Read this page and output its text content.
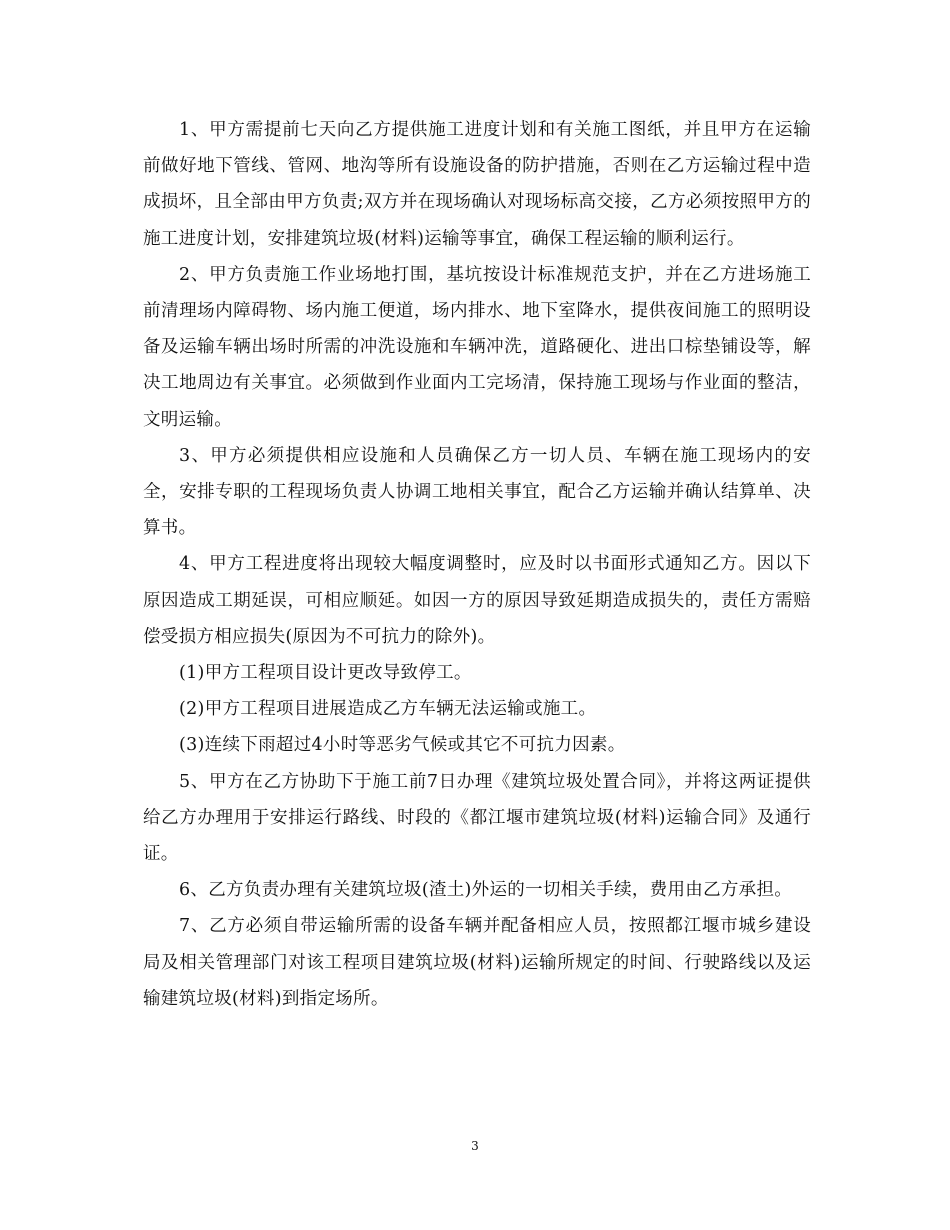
1、甲方需提前七天向乙方提供施工进度计划和有关施工图纸，并且甲方在运输前做好地下管线、管网、地沟等所有设施设备的防护措施，否则在乙方运输过程中造成损坏，且全部由甲方负责;双方并在现场确认对现场标高交接，乙方必须按照甲方的施工进度计划，安排建筑垃圾(材料)运输等事宜，确保工程运输的顺利运行。

2、甲方负责施工作业场地打围，基坑按设计标准规范支护，并在乙方进场施工前清理场内障碍物、场内施工便道，场内排水、地下室降水，提供夜间施工的照明设备及运输车辆出场时所需的冲洗设施和车辆冲洗，道路硬化、进出口棕垫铺设等，解决工地周边有关事宜。必须做到作业面内工完场清，保持施工现场与作业面的整洁，文明运输。

3、甲方必须提供相应设施和人员确保乙方一切人员、车辆在施工现场内的安全，安排专职的工程现场负责人协调工地相关事宜，配合乙方运输并确认结算单、决算书。

4、甲方工程进度将出现较大幅度调整时，应及时以书面形式通知乙方。因以下原因造成工期延误，可相应顺延。如因一方的原因导致延期造成损失的，责任方需赔偿受损方相应损失(原因为不可抗力的除外)。

(1)甲方工程项目设计更改导致停工。

(2)甲方工程项目进展造成乙方车辆无法运输或施工。

(3)连续下雨超过4小时等恶劣气候或其它不可抗力因素。

5、甲方在乙方协助下于施工前7日办理《建筑垃圾处置合同》，并将这两证提供给乙方办理用于安排运行路线、时段的《都江堰市建筑垃圾(材料)运输合同》及通行证。

6、乙方负责办理有关建筑垃圾(渣土)外运的一切相关手续，费用由乙方承担。

7、乙方必须自带运输所需的设备车辆并配备相应人员，按照都江堰市城乡建设局及相关管理部门对该工程项目建筑垃圾(材料)运输所规定的时间、行驶路线以及运输建筑垃圾(材料)到指定场所。

3
